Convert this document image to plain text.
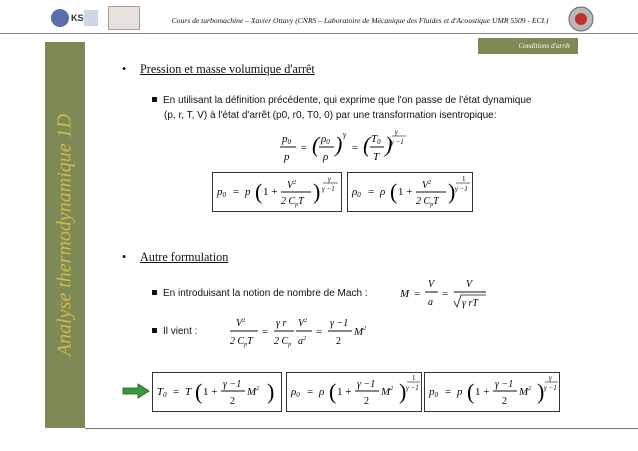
KS	Cours de turbomachine – Xavier Ottavy (CNRS – Laboratoire de Mécanique des Fluides et d'Acoustique UMR 5509 - ECL)
Conditions d'arrêt
Analyse thermodynamique 1D
• Pression et masse volumique d'arrêt
En utilisant la définition précédente, qui exprime que l'on passe de l'état dynamique
(p, r, T, V) à l'état d'arrêt (p0, r0, T0, 0) par une transformation isentropique:
p0
p
= ( ρ0
ρ ) γ
= ( T0
T ) γ
γ −1
p0 = p ( 1 +
$V^2$
2 $C_pT$ ) γ
γ −1 ρ0 = ρ ( 1 +
$V^2$
2 $C_pT$ ) 1
γ −1
• Autre formulation
En introduisant la notion de nombre de Mach :	M =
V
a
=
V
γ rT
Il vient :
$V^2$
2 $C_pT$
=
γ r
2 $C_p$
$V^2$
$a^2$
=
γ −1
2
$M^2$
T0 = T ( 1 +
γ −1
2
$M^2$ ) ρ0 = ρ ( 1 +
γ −1
2
$M^2$ )
1
γ −1 p0 = p ( 1 +
γ −1
2
$M^2$ )
γ
γ −1
